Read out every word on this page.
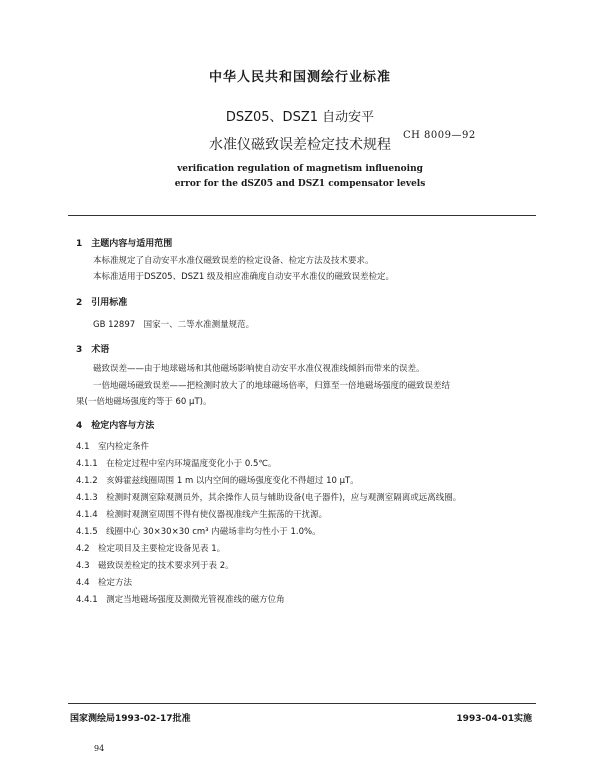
中华人民共和国测绘行业标准
DSZ05、DSZ1 自动安平
水准仪磁致误差检定技术规程
CH 8009—92
verification regulation of magnetism influenoing
error for the dSZ05 and DSZ1 compensator levels
1　主题内容与适用范围
本标准规定了自动安平水准仪磁致误差的检定设备、检定方法及技术要求。
本标准适用于DSZ05、DSZ1 级及相应准确度自动安平水准仪的磁致误差检定。
2　引用标准
GB 12897　国家一、二等水准测量规范。
3　术语
磁致误差——由于地球磁场和其他磁场影响使自动安平水准仪视准线倾斜而带来的误差。
一倍地磁场磁致误差——把检测时放大了的地球磁场倍率，归算至一倍地磁场强度的磁致误差结
果(一倍地磁场强度约等于 60 μT)。
4　检定内容与方法
4.1　室内检定条件
4.1.1　在检定过程中室内环境温度变化小于 0.5℃。
4.1.2　亥姆霍兹线圈周围 1 m 以内空间的磁场强度变化不得超过 10 μT。
4.1.3　检测时观测室除观测员外，其余操作人员与辅助设备(电子器件)，应与观测室隔离或远离线圈。
4.1.4　检测时观测室周围不得有使仪器视准线产生振荡的干扰源。
4.1.5　线圈中心 30×30×30 cm³ 内磁场非均匀性小于 1.0%。
4.2　检定项目及主要检定设备见表 1。
4.3　磁致误差检定的技术要求列于表 2。
4.4　检定方法
4.4.1　测定当地磁场强度及测微光管视准线的磁方位角
国家测绘局1993-02-17批准	1993-04-01实施
94
